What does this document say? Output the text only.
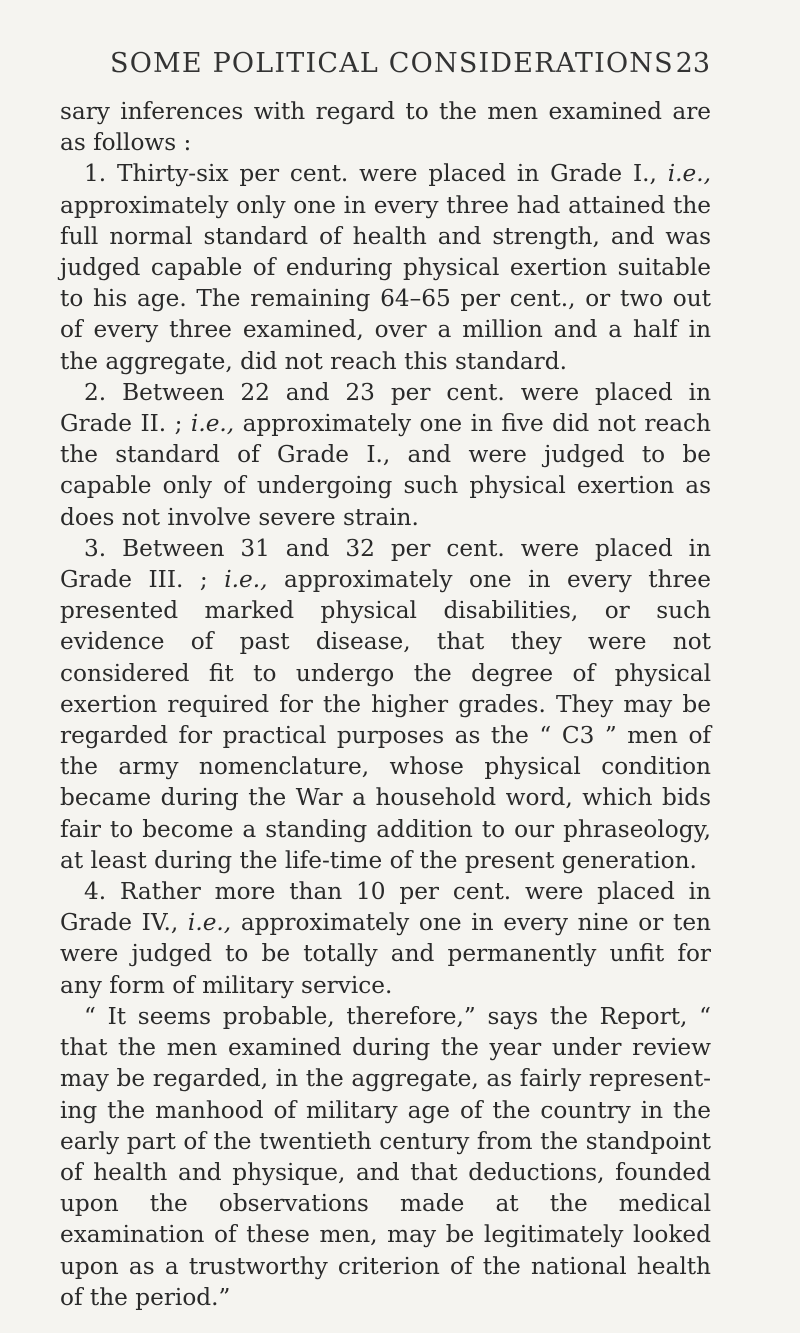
SOME POLITICAL CONSIDERATIONS 23

sary inferences with regard to the men examined are as follows :

1. Thirty-six per cent. were placed in Grade I., i.e., approximately only one in every three had attained the full normal standard of health and strength, and was judged capable of enduring physical exertion suitable to his age. The remaining 64–65 per cent., or two out of every three examined, over a million and a half in the aggregate, did not reach this standard.

2. Between 22 and 23 per cent. were placed in Grade II. ; i.e., approximately one in five did not reach the standard of Grade I., and were judged to be capable only of undergoing such physical exertion as does not involve severe strain.

3. Between 31 and 32 per cent. were placed in Grade III. ; i.e., approximately one in every three presented marked physical disabilities, or such evidence of past disease, that they were not considered fit to undergo the degree of physical exertion required for the higher grades. They may be regarded for practical purposes as the “ C3 ” men of the army nomenclature, whose physical condition became during the War a household word, which bids fair to become a standing addition to our phraseology, at least during the life-time of the present generation.

4. Rather more than 10 per cent. were placed in Grade IV., i.e., approximately one in every nine or ten were judged to be totally and permanently unfit for any form of military service.

“ It seems probable, therefore,” says the Report, “ that the men examined during the year under review may be regarded, in the aggregate, as fairly represent-ing the manhood of military age of the country in the early part of the twentieth century from the standpoint of health and physique, and that deductions, founded upon the observations made at the medical examination of these men, may be legitimately looked upon as a trustworthy criterion of the national health of the period.”
